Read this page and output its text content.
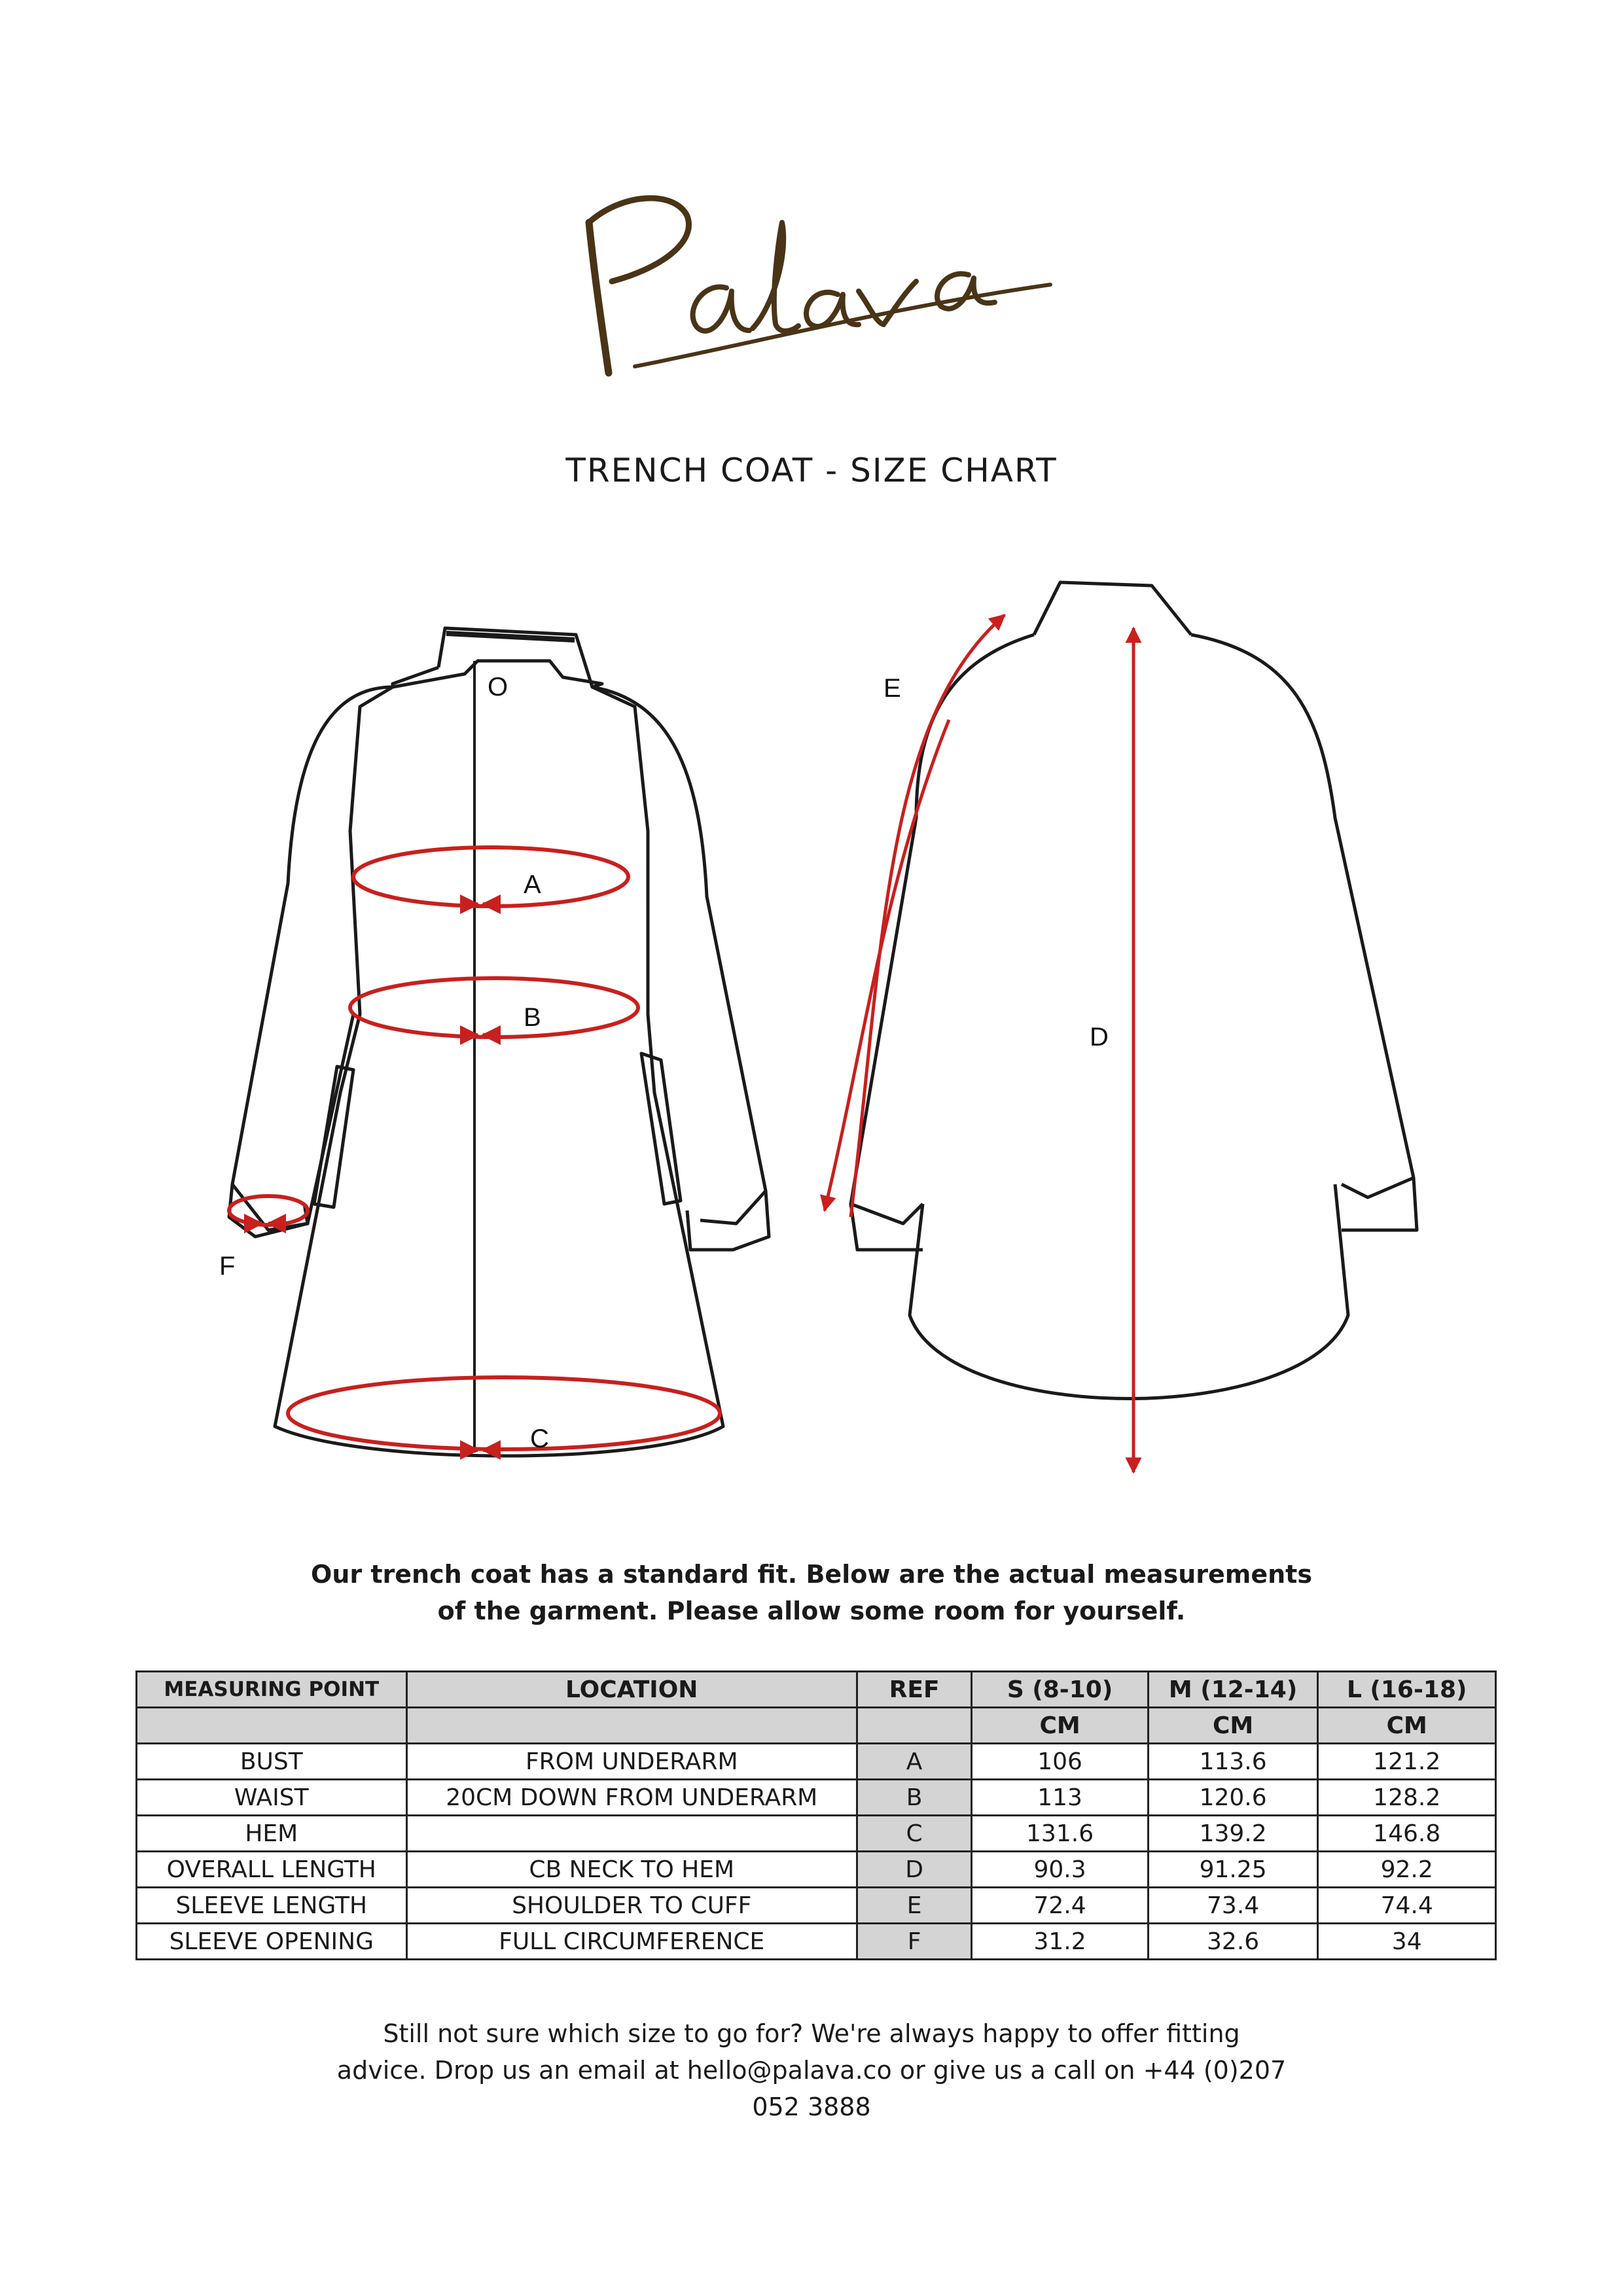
TRENCH COAT - SIZE CHART
O
A
B
C
D
E
F
Our trench coat has a standard fit. Below are the actual measurements
of the garment. Please allow some room for yourself.
MEASURING POINT	LOCATION	REF	S (8-10)	M (12-14)	L (16-18)
			CM	CM	CM
BUST	FROM UNDERARM	A	106	113.6	121.2
WAIST	20CM DOWN FROM UNDERARM	B	113	120.6	128.2
HEM		C	131.6	139.2	146.8
OVERALL LENGTH	CB NECK TO HEM	D	90.3	91.25	92.2
SLEEVE LENGTH	SHOULDER TO CUFF	E	72.4	73.4	74.4
SLEEVE OPENING	FULL CIRCUMFERENCE	F	31.2	32.6	34
Still not sure which size to go for? We're always happy to offer fitting
advice. Drop us an email at hello@palava.co or give us a call on +44 (0)207
052 3888
